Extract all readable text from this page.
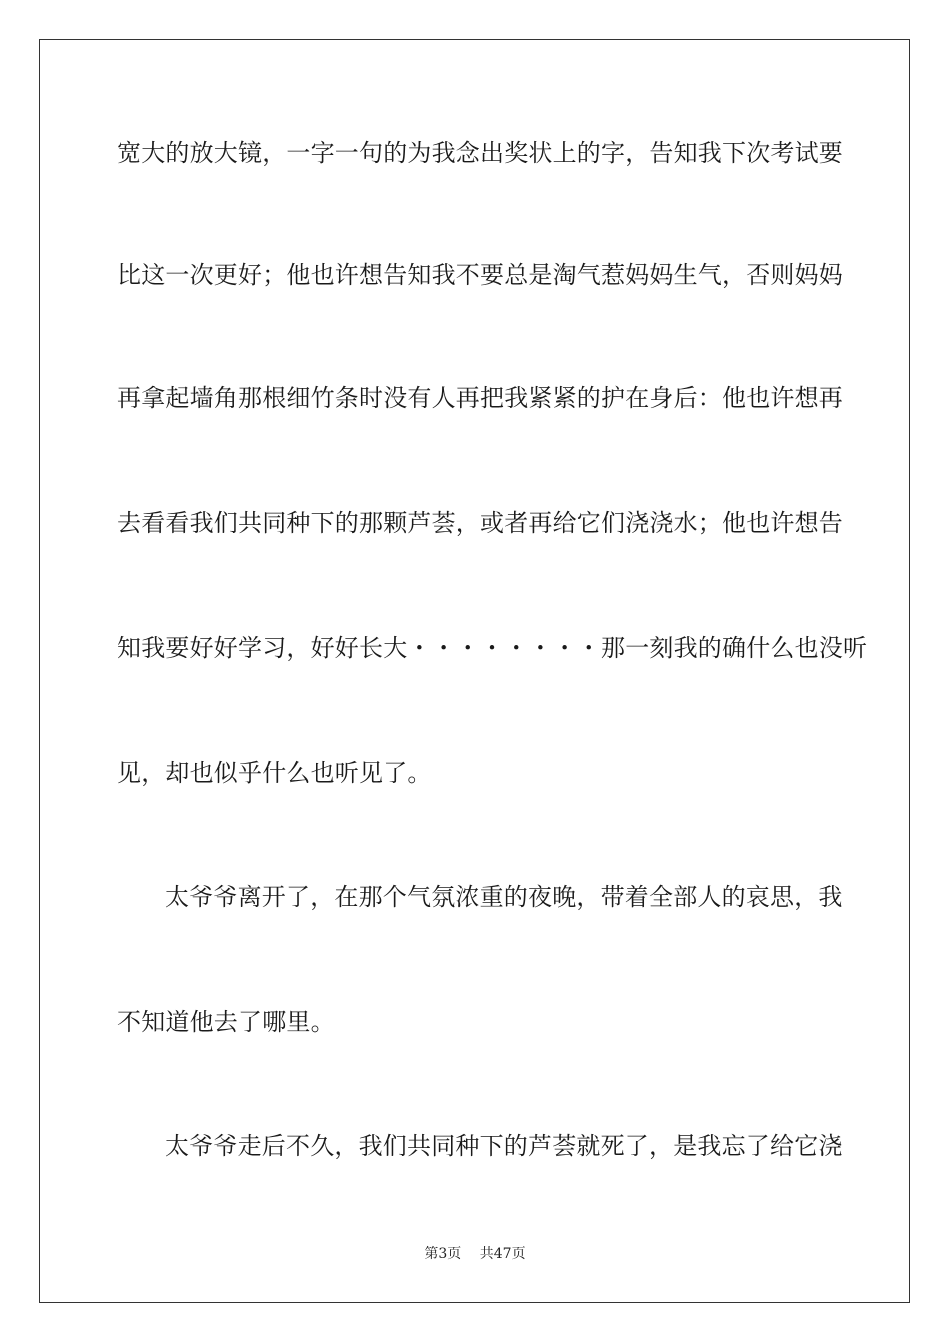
宽大的放大镜，一字一句的为我念出奖状上的字，告知我下次考试要
比这一次更好；他也许想告知我不要总是淘气惹妈妈生气，否则妈妈
再拿起墙角那根细竹条时没有人再把我紧紧的护在身后：他也许想再
去看看我们共同种下的那颗芦荟，或者再给它们浇浇水；他也许想告
知我要好好学习，好好长大・・・・・・・・那一刻我的确什么也没听
见，却也似乎什么也听见了。
太爷爷离开了，在那个气氛浓重的夜晚，带着全部人的哀思，我
不知道他去了哪里。
太爷爷走后不久，我们共同种下的芦荟就死了，是我忘了给它浇
第3页 共47页
